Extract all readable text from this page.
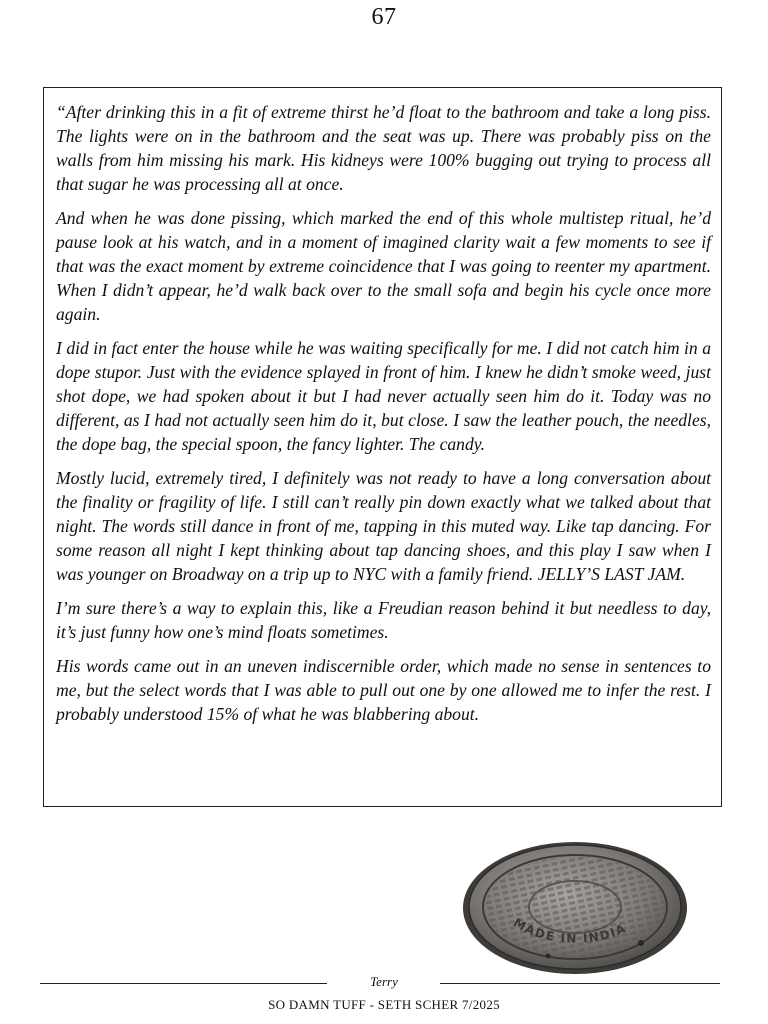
67

“After drinking this in a fit of extreme thirst he’d float to the bathroom and take a long piss. The lights were on in the bathroom and the seat was up. There was probably piss on the walls from him missing his mark. His kidneys were 100% bugging out trying to process all that sugar he was processing all at once.

And when he was done pissing, which marked the end of this whole multistep ritual, he’d pause look at his watch, and in a moment of imagined clarity wait a few moments to see if that was the exact moment by extreme coincidence that I was going to reenter my apartment. When I didn’t appear, he’d walk back over to the small sofa and begin his cycle once more again.

I did in fact enter the house while he was waiting specifically for me. I did not catch him in a dope stupor. Just with the evidence splayed in front of him. I knew he didn’t smoke weed, just shot dope, we had spoken about it but I had never actually seen him do it. Today was no different, as I had not actually seen him do it, but close. I saw the leather pouch, the needles, the dope bag, the special spoon, the fancy lighter. The candy.

Mostly lucid, extremely tired, I definitely was not ready to have a long conversation about the finality or fragility of life. I still can’t really pin down exactly what we talked about that night. The words still dance in front of me, tapping in this muted way. Like tap dancing. For some reason all night I kept thinking about tap dancing shoes, and this play I saw when I was younger on Broadway on a trip up to NYC with a family friend. JELLY’S LAST JAM.

I’m sure there’s a way to explain this, like a Freudian reason behind it but needless to day, it’s just funny how one’s mind floats sometimes.

His words came out in an uneven indiscernible order, which made no sense in sentences to me, but the select words that I was able to pull out one by one allowed me to infer the rest. I probably understood 15% of what he was blabbering about.

MADE IN INDIA
Terry
SO DAMN TUFF - SETH SCHER 7/2025
